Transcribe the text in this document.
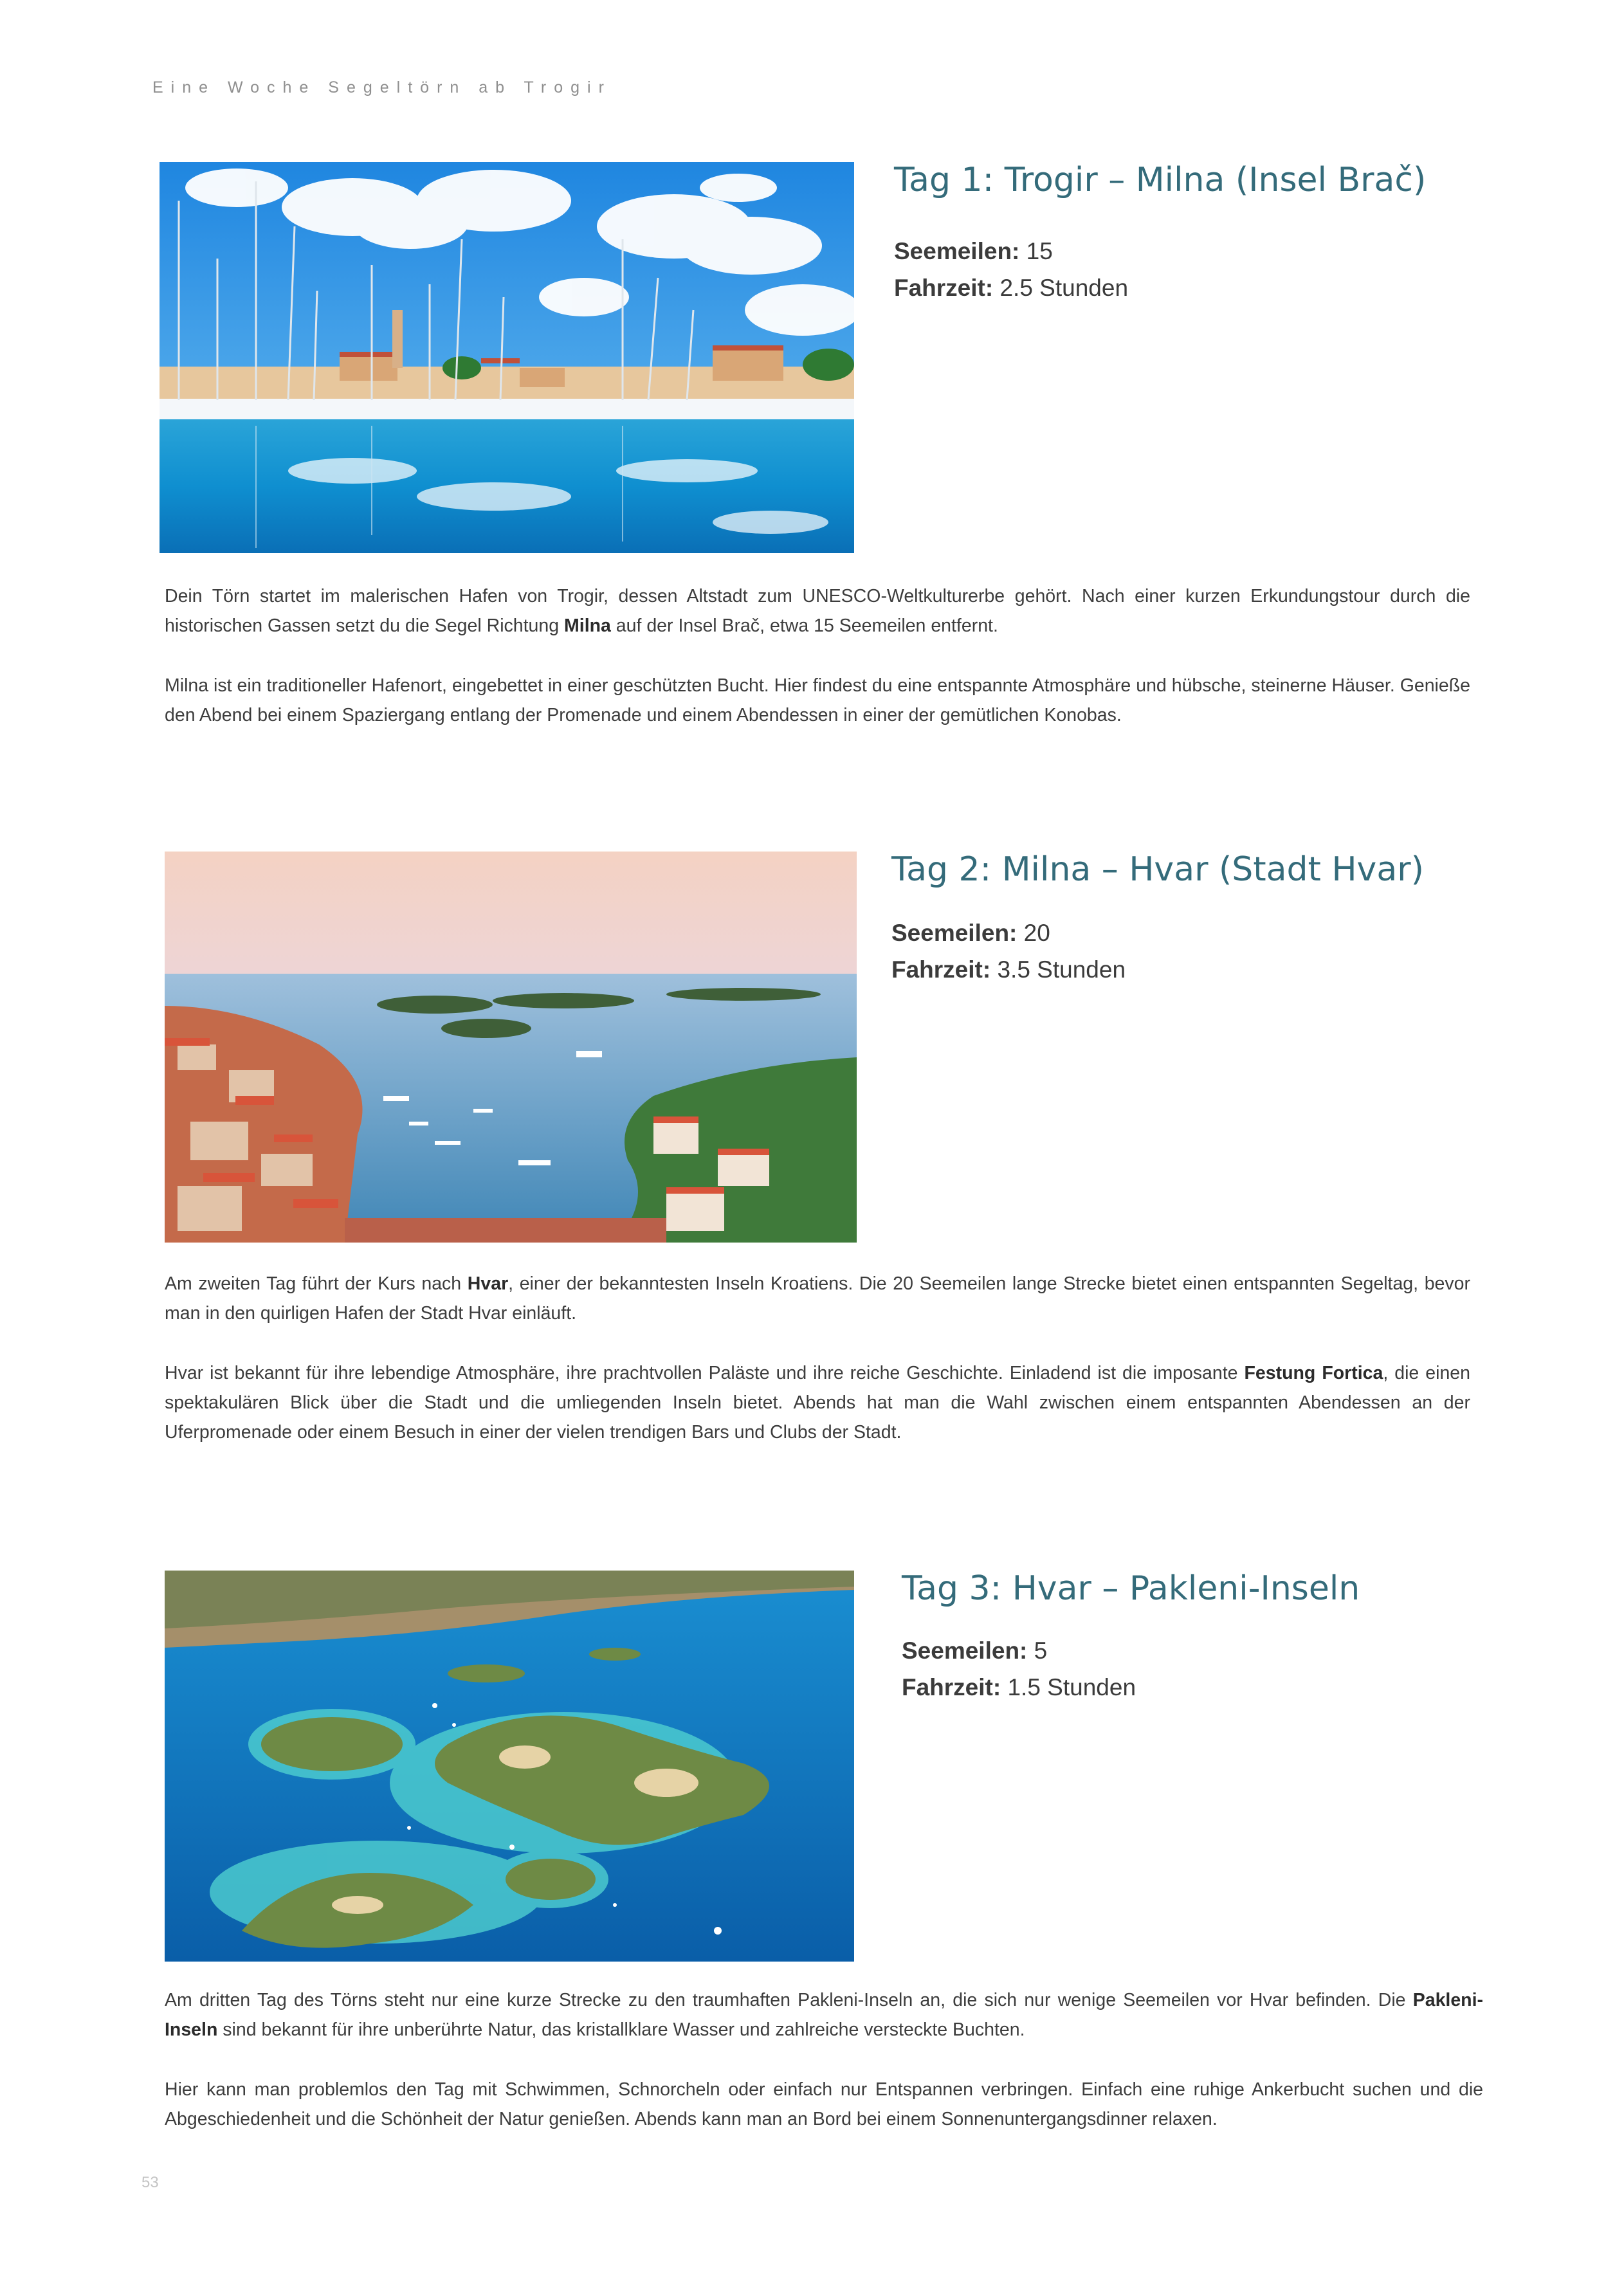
Eine Woche Segeltörn ab Trogir
Tag 1: Trogir – Milna (Insel Brač)
Seemeilen: 15
Fahrzeit: 2.5 Stunden

Dein Törn startet im malerischen Hafen von Trogir, dessen Altstadt zum UNESCO-Weltkulturerbe gehört. Nach einer kurzen Erkundungstour durch die historischen Gassen setzt du die Segel Richtung Milna auf der Insel Brač, etwa 15 Seemeilen entfernt.

Milna ist ein traditioneller Hafenort, eingebettet in einer geschützten Bucht. Hier findest du eine entspannte Atmosphäre und hübsche, steinerne Häuser. Genieße den Abend bei einem Spaziergang entlang der Promenade und einem Abendessen in einer der gemütlichen Konobas.

Tag 2: Milna – Hvar (Stadt Hvar)
Seemeilen: 20
Fahrzeit: 3.5 Stunden

Am zweiten Tag führt der Kurs nach Hvar, einer der bekanntesten Inseln Kroatiens. Die 20 Seemeilen lange Strecke bietet einen entspannten Segeltag, bevor man in den quirligen Hafen der Stadt Hvar einläuft.

Hvar ist bekannt für ihre lebendige Atmosphäre, ihre prachtvollen Paläste und ihre reiche Geschichte. Einladend ist die imposante Festung Fortica, die einen spektakulären Blick über die Stadt und die umliegenden Inseln bietet. Abends hat man die Wahl zwischen einem entspannten Abendessen an der Uferpromenade oder einem Besuch in einer der vielen trendigen Bars und Clubs der Stadt.

Tag 3: Hvar – Pakleni-Inseln
Seemeilen: 5
Fahrzeit: 1.5 Stunden

Am dritten Tag des Törns steht nur eine kurze Strecke zu den traumhaften Pakleni-Inseln an, die sich nur wenige Seemeilen vor Hvar befinden. Die Pakleni-Inseln sind bekannt für ihre unberührte Natur, das kristallklare Wasser und zahlreiche versteckte Buchten.

Hier kann man problemlos den Tag mit Schwimmen, Schnorcheln oder einfach nur Entspannen verbringen. Einfach eine ruhige Ankerbucht suchen und die Abgeschiedenheit und die Schönheit der Natur genießen. Abends kann man an Bord bei einem Sonnenuntergangsdinner relaxen.

53
